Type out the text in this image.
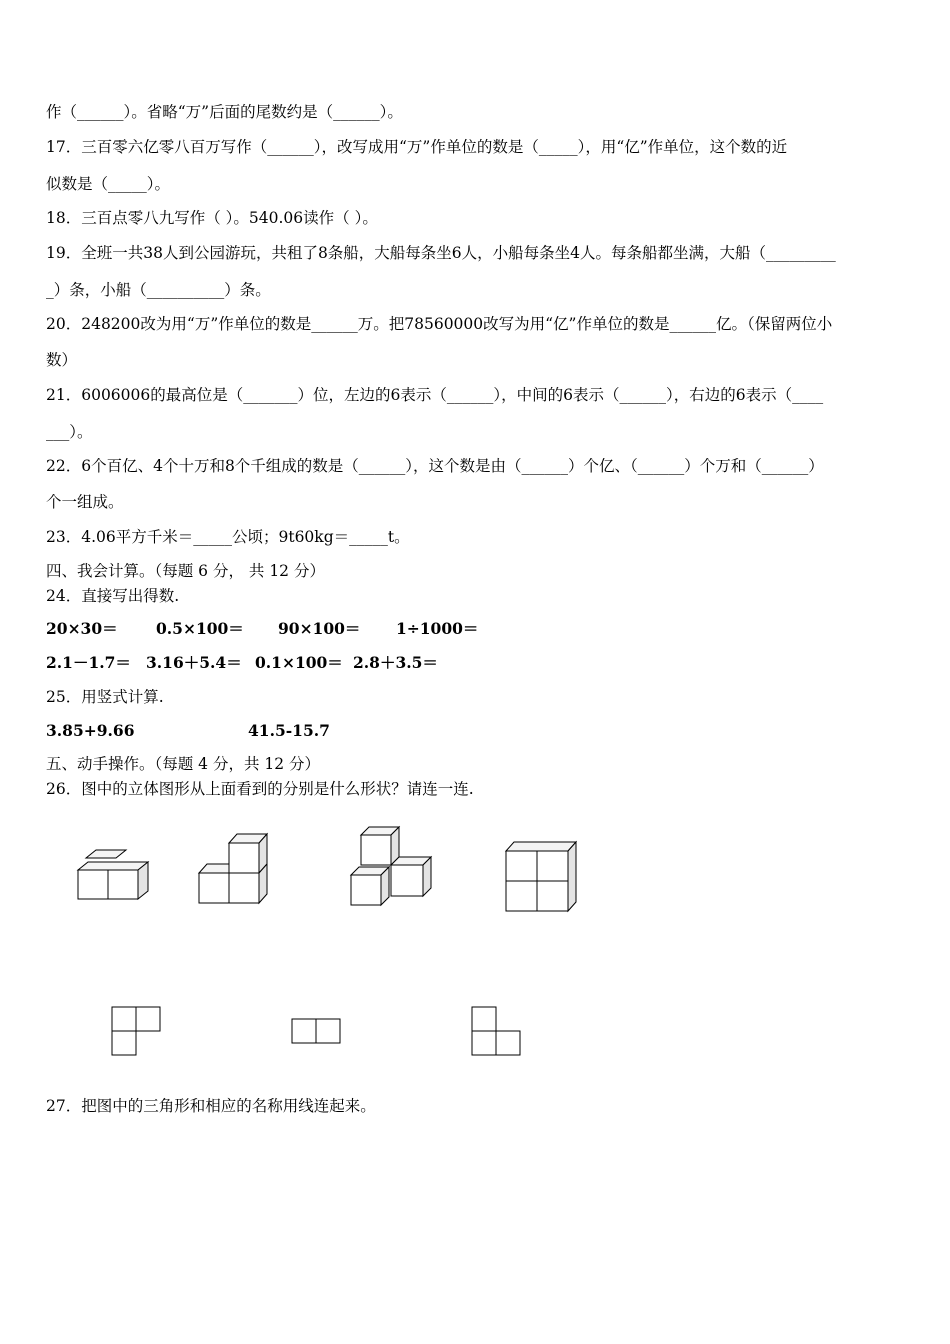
作（______）。省略“万”后面的尾数约是（______）。
17．三百零六亿零八百万写作（______），改写成用“万”作单位的数是（_____），用“亿”作单位，这个数的近
似数是（_____）。
18．三百点零八九写作（ ）。540.06读作（ ）。
19．全班一共38人到公园游玩，共租了8条船，大船每条坐6人，小船每条坐4人。每条船都坐满，大船（_________
_）条，小船（__________）条。
20．248200改为用“万”作单位的数是______万。把78560000改写为用“亿”作单位的数是______亿。（保留两位小
数）
21．6006006的最高位是（_______）位，左边的6表示（______），中间的6表示（______），右边的6表示（____
___）。
22．6个百亿、4个十万和8个千组成的数是（______），这个数是由（______）个亿、（______）个万和（______）
个一组成。
23．4.06平方千米＝_____公顷；9t60kg＝_____t。
四、我会计算。（每题 6 分， 共 12 分）
24．直接写出得数.
20×30＝ 0.5×100＝ 90×100＝ 1÷1000＝
2.1－1.7＝ 3.16＋5.4＝ 0.1×100＝ 2.8＋3.5＝
25．用竖式计算.
3.85+9.66	41.5-15.7
五、动手操作。（每题 4 分，共 12 分）
26．图中的立体图形从上面看到的分别是什么形状？请连一连.
27．把图中的三角形和相应的名称用线连起来。
